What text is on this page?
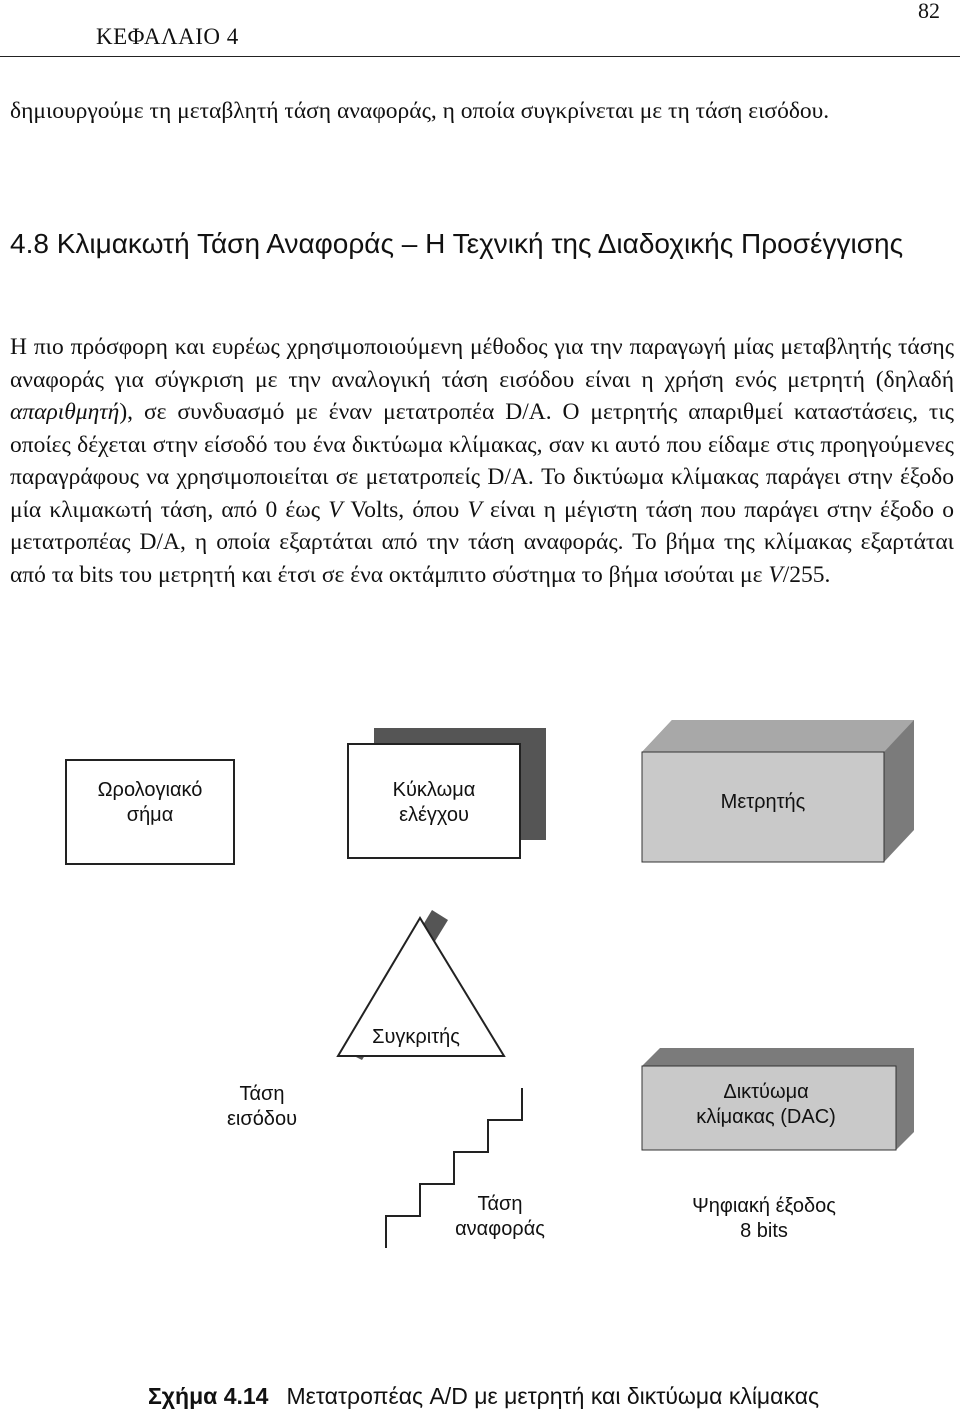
ΚΕΦΑΛΑΙΟ 4
82
δημιουργούμε τη μεταβλητή τάση αναφοράς, η οποία συγκρίνεται με τη τάση εισόδου.
4.8 Κλιμακωτή Τάση Αναφοράς – Η Τεχνική της Διαδοχικής Προσέγγισης
Η πιο πρόσφορη και ευρέως χρησιμοποιούμενη μέθοδος για την παραγωγή μίας μεταβλητής τάσης αναφοράς για σύγκριση με την αναλογική τάση εισόδου είναι η χρήση ενός μετρητή (δηλαδή απαριθμητή), σε συνδυασμό με έναν μετατροπέα D/A. Ο μετρητής απαριθμεί καταστάσεις, τις οποίες δέχεται στην είσοδό του ένα δικτύωμα κλίμακας, σαν κι αυτό που είδαμε στις προηγούμενες παραγράφους να χρησιμοποιείται σε μετατροπείς D/A. Το δικτύωμα κλίμακας παράγει στην έξοδο μία κλιμακωτή τάση, από 0 έως V Volts, όπου V είναι η μέγιστη τάση που παράγει στην έξοδο ο μετατροπέας D/A, η οποία εξαρτάται από την τάση αναφοράς. Το βήμα της κλίμακας εξαρτάται από τα bits του μετρητή και έτσι σε ένα οκτάμπιτο σύστημα το βήμα ισούται με V/255.
Ωρολογιακό
σήμα
Κύκλωμα
ελέγχου
Μετρητής
Συγκριτής
Τάση
εισόδου
Δικτύωμα
κλίμακας (DAC)
Τάση
αναφοράς
Ψηφιακή έξοδος
8 bits
Σχήμα 4.14 Μετατροπέας A/D με μετρητή και δικτύωμα κλίμακας
